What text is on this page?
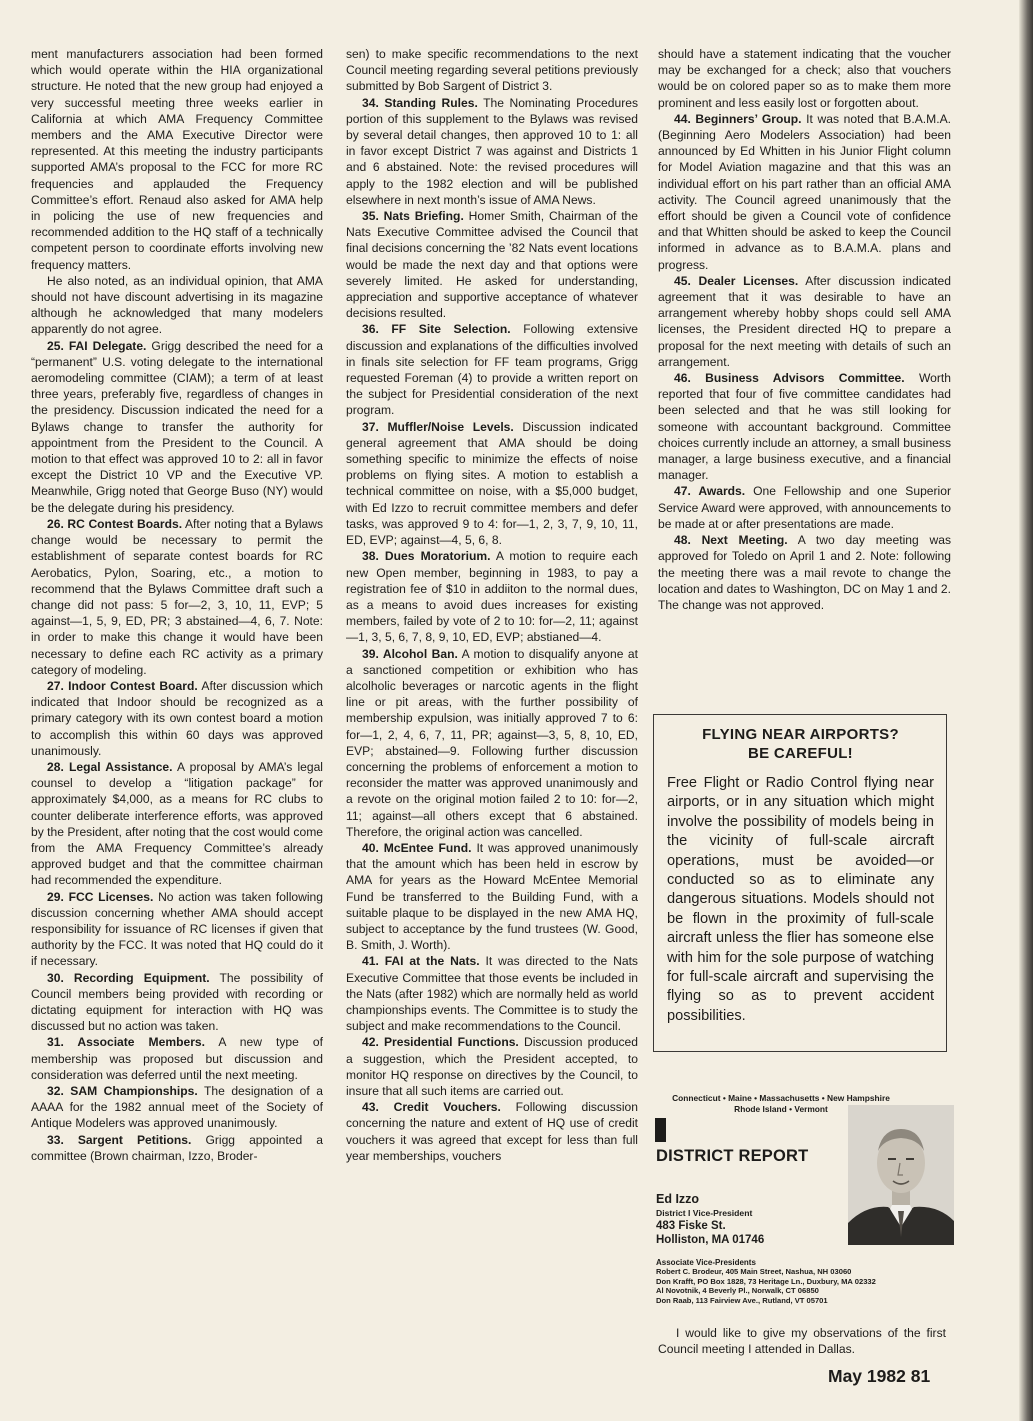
ment manufacturers association had been formed which would operate within the HIA organizational structure. He noted that the new group had enjoyed a very successful meeting three weeks earlier in California at which AMA Frequency Committee members and the AMA Executive Director were represented. At this meeting the industry participants supported AMA’s proposal to the FCC for more RC frequencies and applauded the Frequency Committee’s effort. Renaud also asked for AMA help in policing the use of new frequencies and recommended addition to the HQ staff of a technically competent person to coordinate efforts involving new frequency matters.

He also noted, as an individual opinion, that AMA should not have discount advertising in its magazine although he acknowledged that many modelers apparently do not agree.

25. FAI Delegate. Grigg described the need for a “permanent” U.S. voting delegate to the international aeromodeling committee (CIAM); a term of at least three years, preferably five, regardless of changes in the presidency. Discussion indicated the need for a Bylaws change to transfer the authority for appointment from the President to the Council. A motion to that effect was approved 10 to 2: all in favor except the District 10 VP and the Executive VP. Meanwhile, Grigg noted that George Buso (NY) would be the delegate during his presidency.

26. RC Contest Boards. After noting that a Bylaws change would be necessary to permit the establishment of separate contest boards for RC Aerobatics, Pylon, Soaring, etc., a motion to recommend that the Bylaws Committee draft such a change did not pass: 5 for—2, 3, 10, 11, EVP; 5 against—1, 5, 9, ED, PR; 3 abstained—4, 6, 7. Note: in order to make this change it would have been necessary to define each RC activity as a primary category of modeling.

27. Indoor Contest Board. After discussion which indicated that Indoor should be recognized as a primary category with its own contest board a motion to accomplish this within 60 days was approved unanimously.

28. Legal Assistance. A proposal by AMA’s legal counsel to develop a “litigation package” for approximately $4,000, as a means for RC clubs to counter deliberate interference efforts, was approved by the President, after noting that the cost would come from the AMA Frequency Committee’s already approved budget and that the committee chairman had recommended the expenditure.

29. FCC Licenses. No action was taken following discussion concerning whether AMA should accept responsibility for issuance of RC licenses if given that authority by the FCC. It was noted that HQ could do it if necessary.

30. Recording Equipment. The possibility of Council members being provided with recording or dictating equipment for interaction with HQ was discussed but no action was taken.

31. Associate Members. A new type of membership was proposed but discussion and consideration was deferred until the next meeting.

32. SAM Championships. The designation of a AAAA for the 1982 annual meet of the Society of Antique Modelers was approved unanimously.

33. Sargent Petitions. Grigg appointed a committee (Brown chairman, Izzo, Broder-

sen) to make specific recommendations to the next Council meeting regarding several petitions previously submitted by Bob Sargent of District 3.

34. Standing Rules. The Nominating Procedures portion of this supplement to the Bylaws was revised by several detail changes, then approved 10 to 1: all in favor except District 7 was against and Districts 1 and 6 abstained. Note: the revised procedures will apply to the 1982 election and will be published elsewhere in next month’s issue of AMA News.

35. Nats Briefing. Homer Smith, Chairman of the Nats Executive Committee advised the Council that final decisions concerning the ’82 Nats event locations would be made the next day and that options were severely limited. He asked for understanding, appreciation and supportive acceptance of whatever decisions resulted.

36. FF Site Selection. Following extensive discussion and explanations of the difficulties involved in finals site selection for FF team programs, Grigg requested Foreman (4) to provide a written report on the subject for Presidential consideration of the next program.

37. Muffler/Noise Levels. Discussion indicated general agreement that AMA should be doing something specific to minimize the effects of noise problems on flying sites. A motion to establish a technical committee on noise, with a $5,000 budget, with Ed Izzo to recruit committee members and defer tasks, was approved 9 to 4: for—1, 2, 3, 7, 9, 10, 11, ED, EVP; against—4, 5, 6, 8.

38. Dues Moratorium. A motion to require each new Open member, beginning in 1983, to pay a registration fee of $10 in addiiton to the normal dues, as a means to avoid dues increases for existing members, failed by vote of 2 to 10: for—2, 11; against—1, 3, 5, 6, 7, 8, 9, 10, ED, EVP; abstianed—4.

39. Alcohol Ban. A motion to disqualify anyone at a sanctioned competition or exhibition who has alcolholic beverages or narcotic agents in the flight line or pit areas, with the further possibility of membership expulsion, was initially approved 7 to 6: for—1, 2, 4, 6, 7, 11, PR; against—3, 5, 8, 10, ED, EVP; abstained—9. Following further discussion concerning the problems of enforcement a motion to reconsider the matter was approved unanimously and a revote on the original motion failed 2 to 10: for—2, 11; against—all others except that 6 abstained. Therefore, the original action was cancelled.

40. McEntee Fund. It was approved unanimously that the amount which has been held in escrow by AMA for years as the Howard McEntee Memorial Fund be transferred to the Building Fund, with a suitable plaque to be displayed in the new AMA HQ, subject to acceptance by the fund trustees (W. Good, B. Smith, J. Worth).

41. FAI at the Nats. It was directed to the Nats Executive Committee that those events be included in the Nats (after 1982) which are normally held as world championships events. The Committee is to study the subject and make recommendations to the Council.

42. Presidential Functions. Discussion produced a suggestion, which the President accepted, to monitor HQ response on directives by the Council, to insure that all such items are carried out.

43. Credit Vouchers. Following discussion concerning the nature and extent of HQ use of credit vouchers it was agreed that except for less than full year memberships, vouchers

should have a statement indicating that the voucher may be exchanged for a check; also that vouchers would be on colored paper so as to make them more prominent and less easily lost or forgotten about.

44. Beginners’ Group. It was noted that B.A.M.A. (Beginning Aero Modelers Association) had been announced by Ed Whitten in his Junior Flight column for Model Aviation magazine and that this was an individual effort on his part rather than an official AMA activity. The Council agreed unanimously that the effort should be given a Council vote of confidence and that Whitten should be asked to keep the Council informed in advance as to B.A.M.A. plans and progress.

45. Dealer Licenses. After discussion indicated agreement that it was desirable to have an arrangement whereby hobby shops could sell AMA licenses, the President directed HQ to prepare a proposal for the next meeting with details of such an arrangement.

46. Business Advisors Committee. Worth reported that four of five committee candidates had been selected and that he was still looking for someone with accountant background. Committee choices currently include an attorney, a small business manager, a large business executive, and a financial manager.

47. Awards. One Fellowship and one Superior Service Award were approved, with announcements to be made at or after presentations are made.

48. Next Meeting. A two day meeting was approved for Toledo on April 1 and 2. Note: following the meeting there was a mail revote to change the location and dates to Washington, DC on May 1 and 2. The change was not approved.

FLYING NEAR AIRPORTS?
BE CAREFUL!
Free Flight or Radio Control flying near airports, or in any situation which might involve the possibility of models being in the vicinity of full-scale aircraft operations, must be avoided—or conducted so as to eliminate any dangerous situations. Models should not be flown in the proximity of full-scale aircraft unless the flier has someone else with him for the sole purpose of watching for full-scale aircraft and supervising the flying so as to prevent accident possibilities.
Connecticut • Maine • Massachusetts • New Hampshire
Rhode Island • Vermont
DISTRICT REPORT
Ed Izzo
District I Vice-President
483 Fiske St.
Holliston, MA 01746
Associate Vice-Presidents
Robert C. Brodeur, 405 Main Street, Nashua, NH 03060
Don Krafft, PO Box 1828, 73 Heritage Ln., Duxbury, MA 02332
Al Novotnik, 4 Beverly Pl., Norwalk, CT 06850
Don Raab, 113 Fairview Ave., Rutland, VT 05701

I would like to give my observations of the first Council meeting I attended in Dallas.

May 1982 81
